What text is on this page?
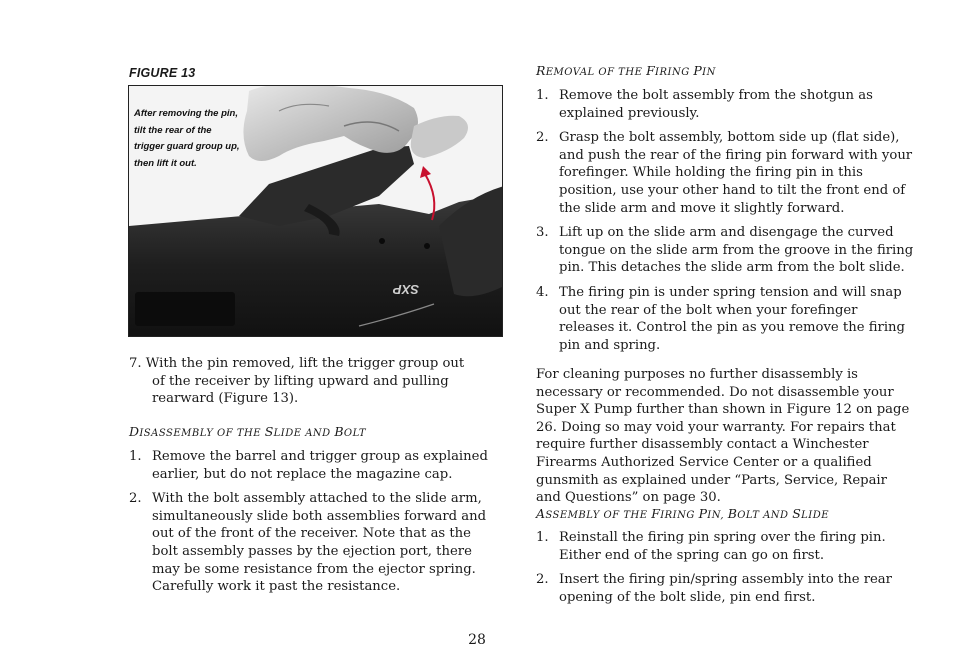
FIGURE 13
SXP
After removing the pin, tilt the rear of the trigger guard group up, then lift it out.

7. With the pin removed, lift the trigger group out

of the receiver by lifting upward and pulling rearward (Figure 13).

DISASSEMBLY OF THE SLIDE AND BOLT
1. Remove the barrel and trigger group as explained earlier, but do not replace the magazine cap.
2. With the bolt assembly attached to the slide arm, simultaneously slide both assemblies forward and out of the front of the receiver. Note that as the bolt assembly passes by the ejection port, there may be some resistance from the ejector spring. Carefully work it past the resistance.
REMOVAL OF THE FIRING PIN
1. Remove the bolt assembly from the shotgun as explained previously.
2. Grasp the bolt assembly, bottom side up (flat side), and push the rear of the firing pin forward with your forefinger. While holding the firing pin in this position, use your other hand to tilt the front end of the slide arm and move it slightly forward.
3. Lift up on the slide arm and disengage the curved tongue on the slide arm from the groove in the firing pin. This detaches the slide arm from the bolt slide.
4. The firing pin is under spring tension and will snap out the rear of the bolt when your forefinger releases it. Control the pin as you remove the firing pin and spring.
For cleaning purposes no further disassembly is necessary or recommended. Do not disassemble your Super X Pump further than shown in Figure 12 on page 26. Doing so may void your warranty. For repairs that require further disassembly contact a Winchester Firearms Authorized Service Center or a qualified gunsmith as explained under “Parts, Service, Repair and Questions” on page 30.
ASSEMBLY OF THE FIRING PIN, BOLT AND SLIDE
1. Reinstall the firing pin spring over the firing pin. Either end of the spring can go on first.
2. Insert the firing pin/spring assembly into the rear opening of the bolt slide, pin end first.
28
